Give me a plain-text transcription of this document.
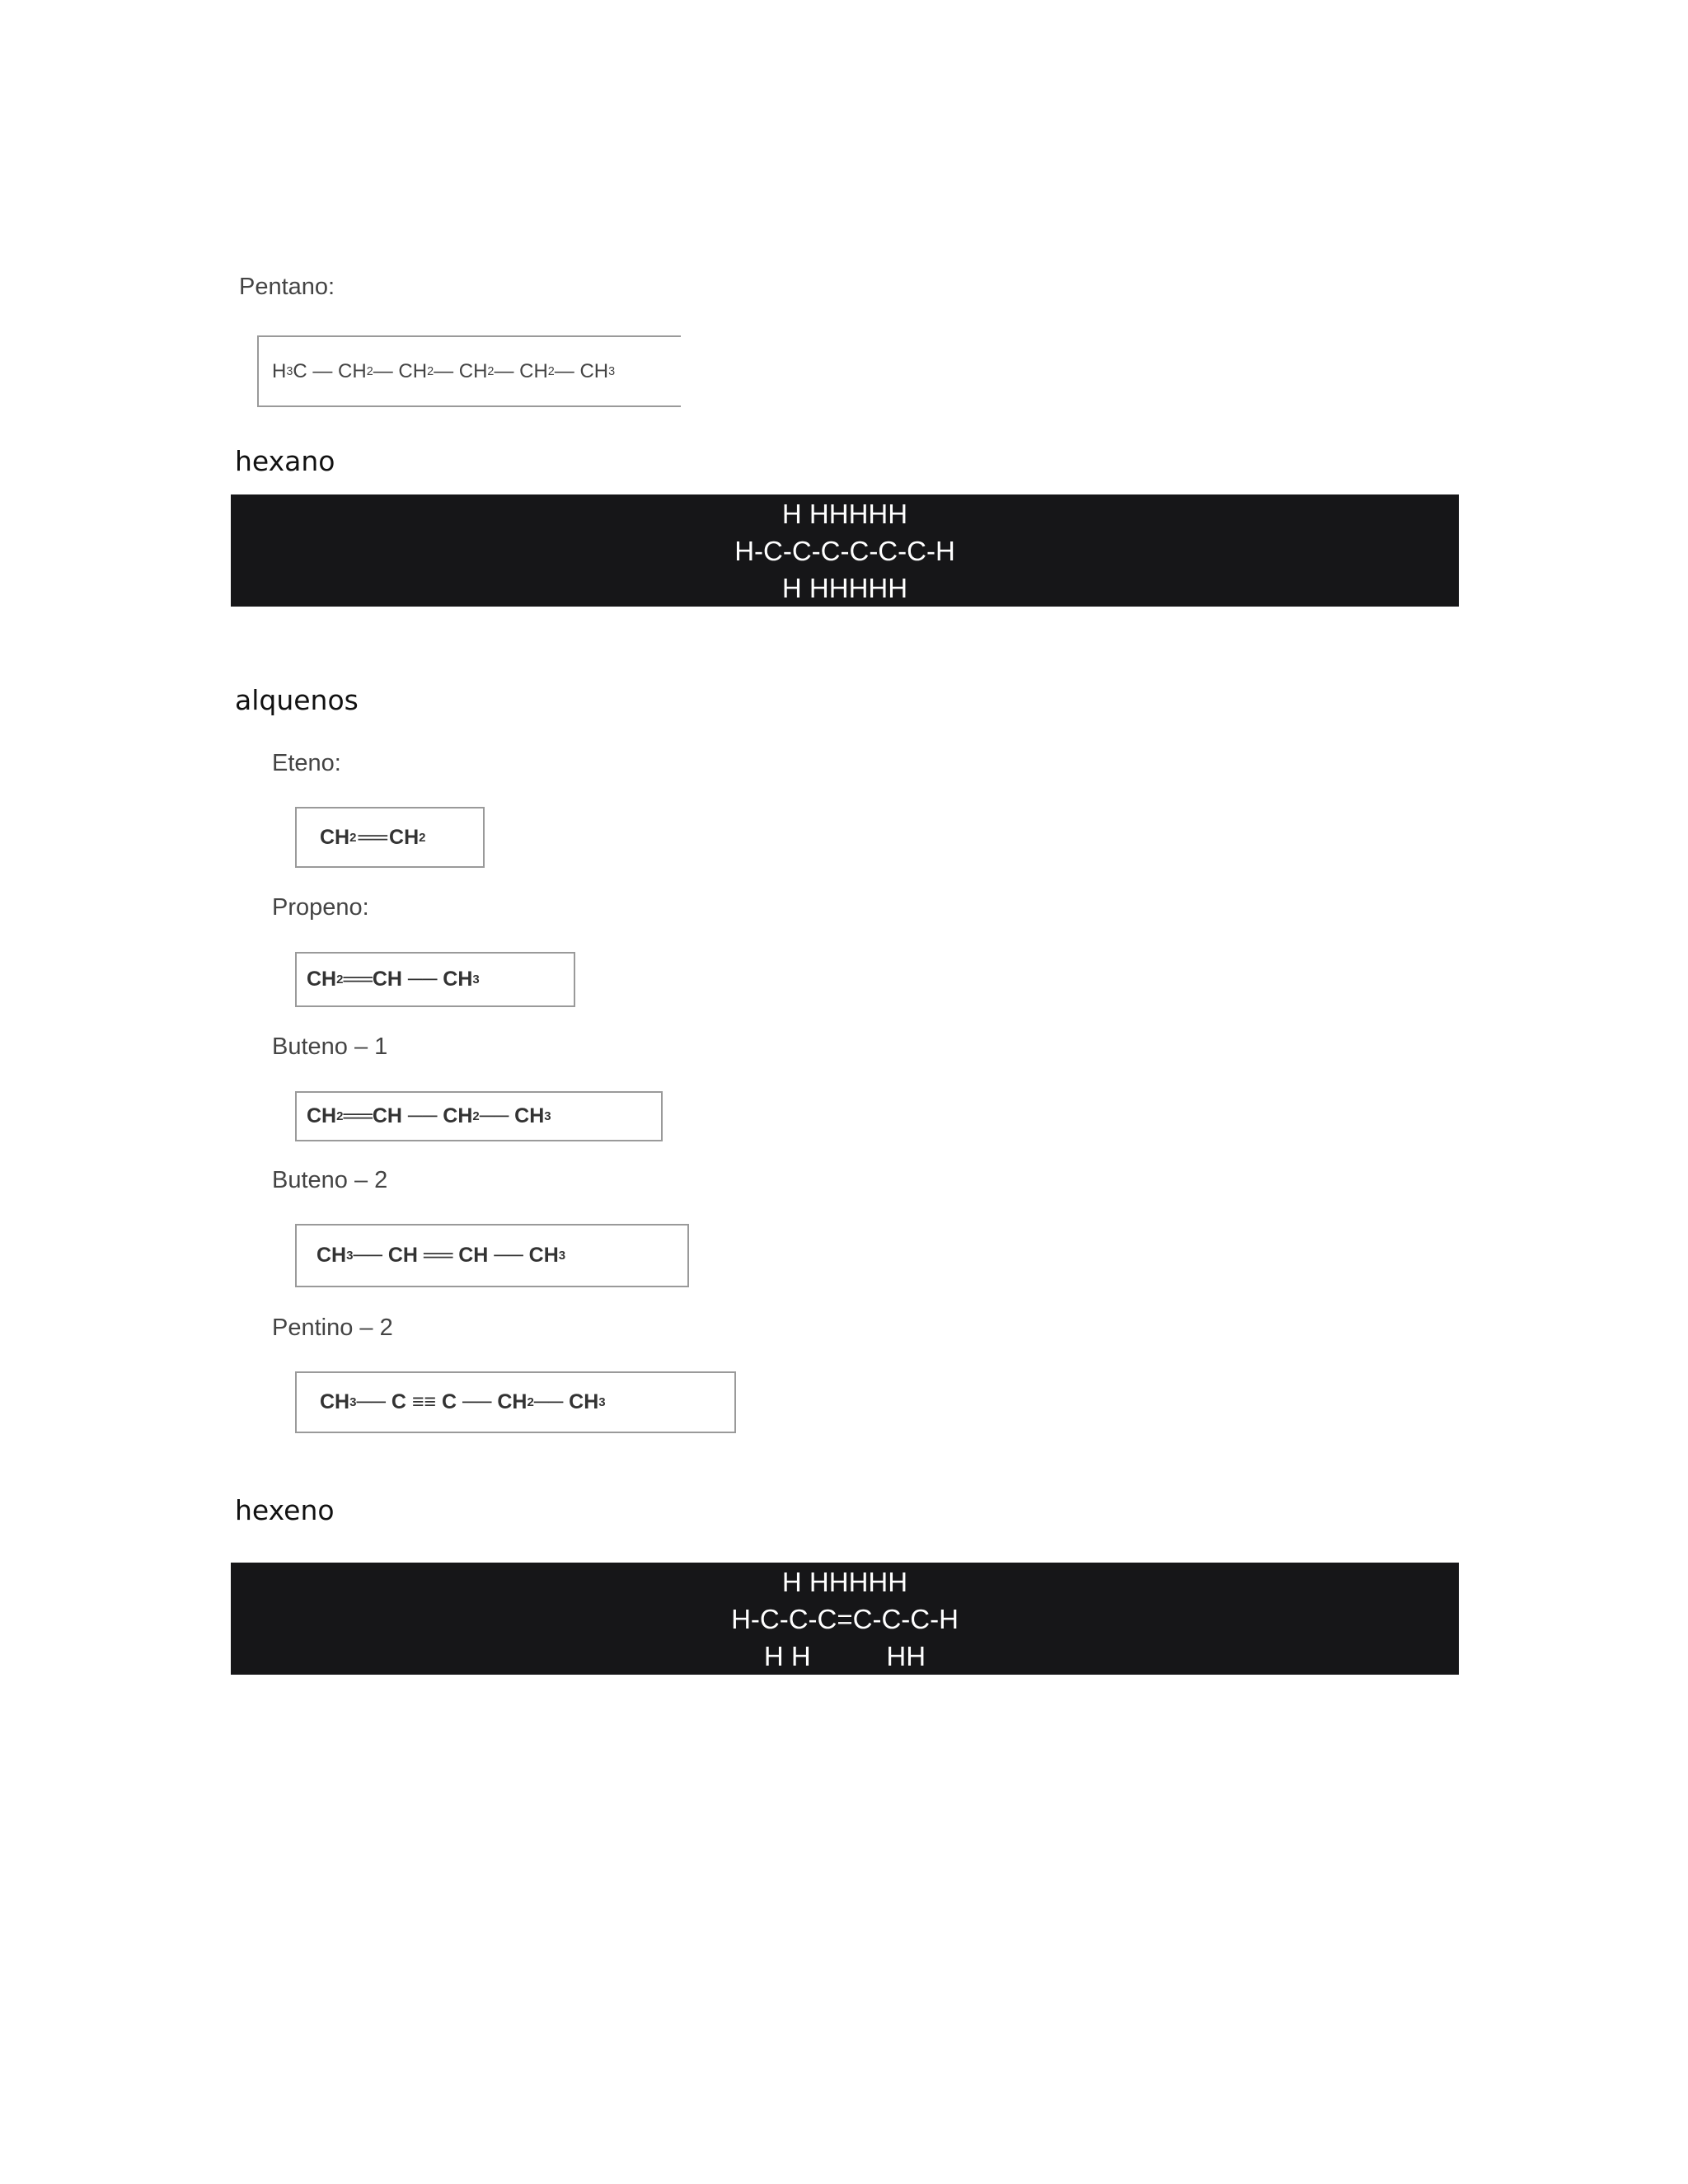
Pentano:
H 3 C — CH 2 — CH 2 — CH 2 — CH 2 — CH 3
hexano
H HHHHH
H-C-C-C-C-C-C-H
H HHHHH
alquenos
Eteno:
CH 2  ══ CH 2
Propeno:
CH 2 ══CH ── CH 3
Buteno – 1
CH 2 ══CH ── CH 2 ── CH 3
Buteno – 2
CH 3 ── CH ══ CH ── CH 3
Pentino – 2
CH 3 ── C ≡≡ C ── CH 2 ── CH 3
hexeno
H HHHHH
H-C-C-C=C-C-C-H
H H          HH
